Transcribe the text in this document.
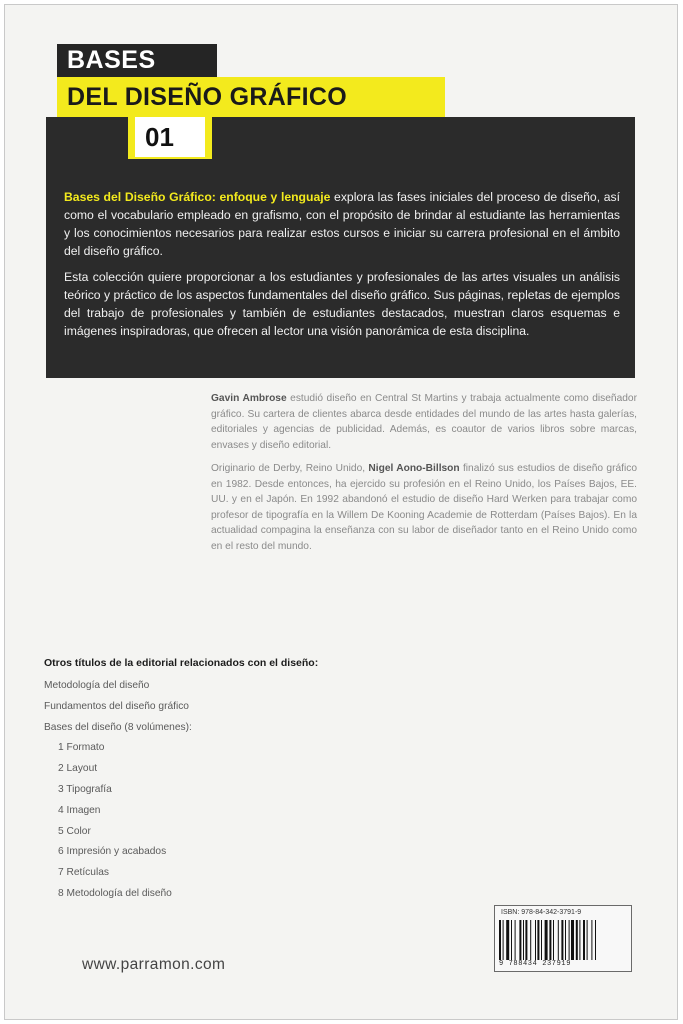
BASES
DEL DISEÑO GRÁFICO
01

Bases del Diseño Gráfico: enfoque y lenguaje explora las fases iniciales del proceso de diseño, así como el vocabulario empleado en grafismo, con el propósito de brindar al estudiante las herramientas y los conocimientos necesarios para realizar estos cursos e iniciar su carrera profesional en el ámbito del diseño gráfico.

Esta colección quiere proporcionar a los estudiantes y profesionales de las artes visuales un análisis teórico y práctico de los aspectos fundamentales del diseño gráfico. Sus páginas, repletas de ejemplos del trabajo de profesionales y también de estudiantes destacados, muestran claros esquemas e imágenes inspiradoras, que ofrecen al lector una visión panorámica de esta disciplina.

Gavin Ambrose estudió diseño en Central St Martins y trabaja actualmente como diseñador gráfico. Su cartera de clientes abarca desde entidades del mundo de las artes hasta galerías, editoriales y agencias de publicidad. Además, es coautor de varios libros sobre marcas, envases y diseño editorial.

Originario de Derby, Reino Unido, Nigel Aono-Billson finalizó sus estudios de diseño gráfico en 1982. Desde entonces, ha ejercido su profesión en el Reino Unido, los Países Bajos, EE. UU. y en el Japón. En 1992 abandonó el estudio de diseño Hard Werken para trabajar como profesor de tipografía en la Willem De Kooning Academie de Rotterdam (Países Bajos). En la actualidad compagina la enseñanza con su labor de diseñador tanto en el Reino Unido como en el resto del mundo.

Otros títulos de la editorial relacionados con el diseño:
Metodología del diseño
Fundamentos del diseño gráfico
Bases del diseño (8 volúmenes):
1 Formato
2 Layout
3 Tipografía
4 Imagen
5 Color
6 Impresión y acabados
7 Retículas
8 Metodología del diseño
ISBN: 978-84-342-3791-9
9 788434 237919
www.parramon.com
